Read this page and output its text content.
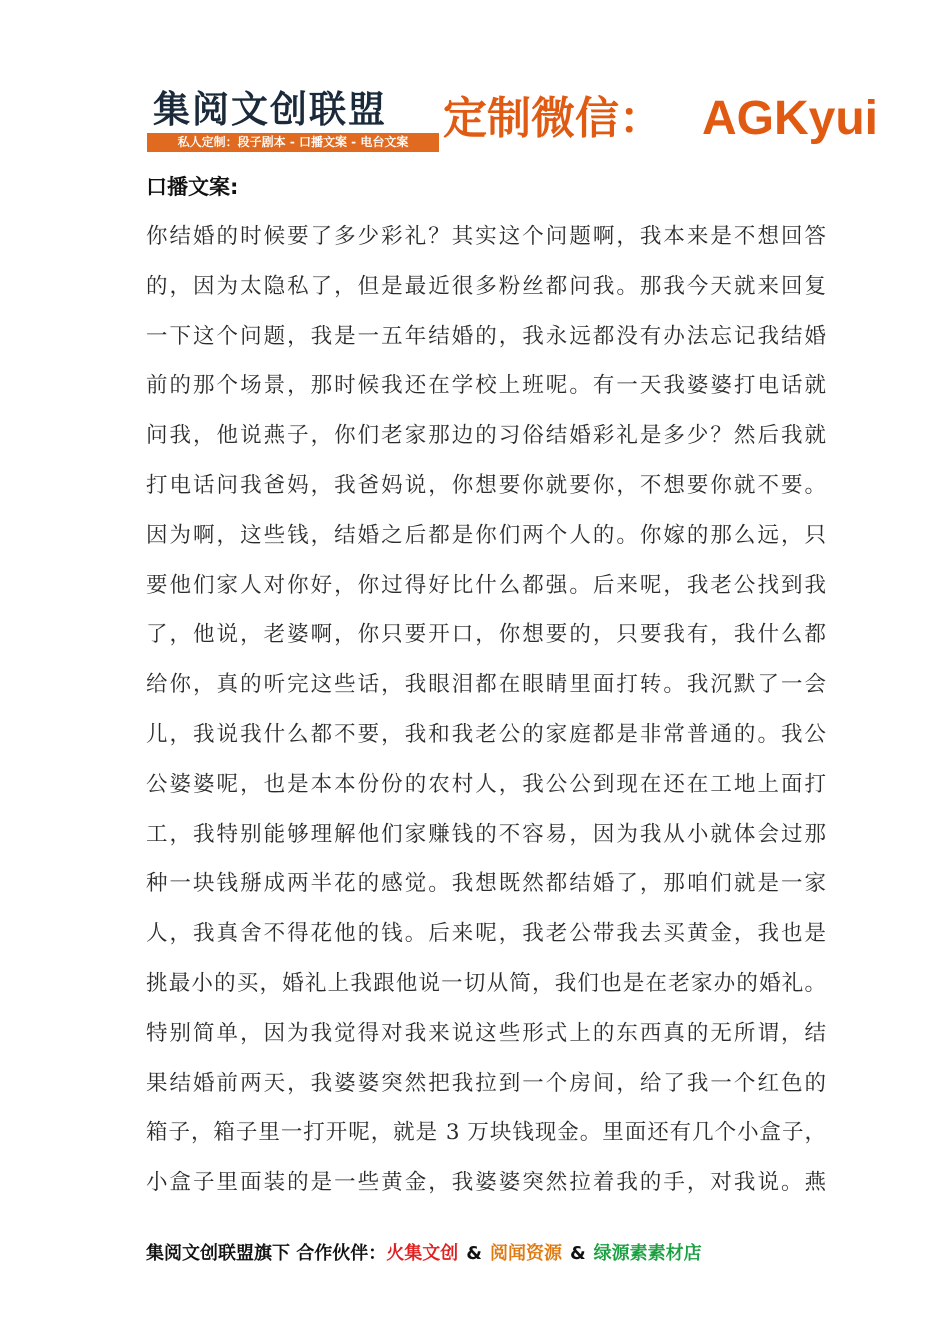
集阅文创联盟
私人定制：段子剧本 - 口播文案 - 电台文案 定制微信： AGKyui
口播文案:
你结婚的时候要了多少彩礼？其实这个问题啊，我本来是不想回答
的，因为太隐私了，但是最近很多粉丝都问我。那我今天就来回复
一下这个问题，我是一五年结婚的，我永远都没有办法忘记我结婚
前的那个场景，那时候我还在学校上班呢。有一天我婆婆打电话就
问我，他说燕子，你们老家那边的习俗结婚彩礼是多少？然后我就
打电话问我爸妈，我爸妈说，你想要你就要你，不想要你就不要。
因为啊，这些钱，结婚之后都是你们两个人的。你嫁的那么远，只
要他们家人对你好，你过得好比什么都强。后来呢，我老公找到我
了，他说，老婆啊，你只要开口，你想要的，只要我有，我什么都
给你，真的听完这些话，我眼泪都在眼睛里面打转。我沉默了一会
儿，我说我什么都不要，我和我老公的家庭都是非常普通的。我公
公婆婆呢，也是本本份份的农村人，我公公到现在还在工地上面打
工，我特别能够理解他们家赚钱的不容易，因为我从小就体会过那
种一块钱掰成两半花的感觉。我想既然都结婚了，那咱们就是一家
人，我真舍不得花他的钱。后来呢，我老公带我去买黄金，我也是
挑最小的买，婚礼上我跟他说一切从简，我们也是在老家办的婚礼。
特别简单，因为我觉得对我来说这些形式上的东西真的无所谓，结
果结婚前两天，我婆婆突然把我拉到一个房间，给了我一个红色的
箱子，箱子里一打开呢，就是 3 万块钱现金。里面还有几个小盒子，
小盒子里面装的是一些黄金，我婆婆突然拉着我的手，对我说。燕
集阅文创联盟旗下 合作伙伴：火集文创 & 阅闻资源 & 绿源素素材店
